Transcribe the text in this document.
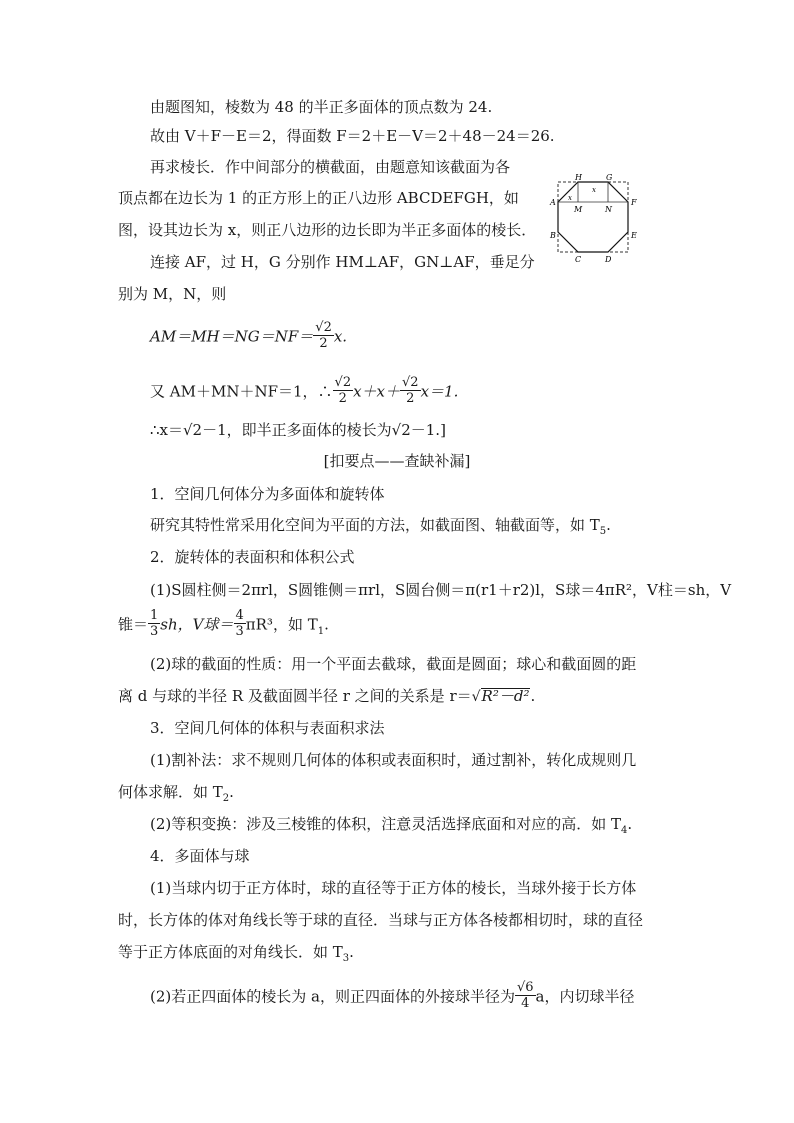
由题图知，棱数为 48 的半正多面体的顶点数为 24.
故由 V＋F－E＝2，得面数 F＝2＋E－V＝2＋48－24＝26.
再求棱长．作中间部分的横截面，由题意知该截面为各
顶点都在边长为 1 的正方形上的正八边形 ABCDEFGH，如
图，设其边长为 x，则正八边形的边长即为半正多面体的棱长．
连接 AF，过 H，G 分别作 HM⊥AF，GN⊥AF，垂足分
别为 M，N，则
A
B
C	D
E
F
G
H
M	N
x
x
$AM=MH=NG=NF= \frac{√2}{2} x$.
又 AM＋MN＋NF＝1，∴ $\frac{√2}{2} x+x+ \frac{√2}{2} x=1$.
∴x＝√2－1，即半正多面体的棱长为√2－1.]
[扣要点——查缺补漏]
1．空间几何体分为多面体和旋转体
研究其特性常采用化空间为平面的方法，如截面图、轴截面等，如 $T_5$.
2．旋转体的表面积和体积公式
(1)S圆柱侧＝2πrl，S圆锥侧＝πrl，S圆台侧＝π(r1＋r2)l，S球＝4πR²，V柱＝sh，V
锥＝ $\frac{1}{3}$ sh，V球＝ $\frac{4}{3} \pi R^3$，如 $T_1$.
(2)球的截面的性质：用一个平面去截球，截面是圆面；球心和截面圆的距
离 d 与球的半径 R 及截面圆半径 r 之间的关系是 r＝√R²－d².
3．空间几何体的体积与表面积求法
(1)割补法：求不规则几何体的体积或表面积时，通过割补，转化成规则几
何体求解．如 $T_2$.
(2)等积变换：涉及三棱锥的体积，注意灵活选择底面和对应的高．如 $T_4$.
4．多面体与球
(1)当球内切于正方体时，球的直径等于正方体的棱长，当球外接于长方体
时，长方体的体对角线长等于球的直径．当球与正方体各棱都相切时，球的直径
等于正方体底面的对角线长．如 $T_3$.
(2)若正四面体的棱长为 a，则正四面体的外接球半径为 $\frac{√6}{4}$ a，内切球半径
